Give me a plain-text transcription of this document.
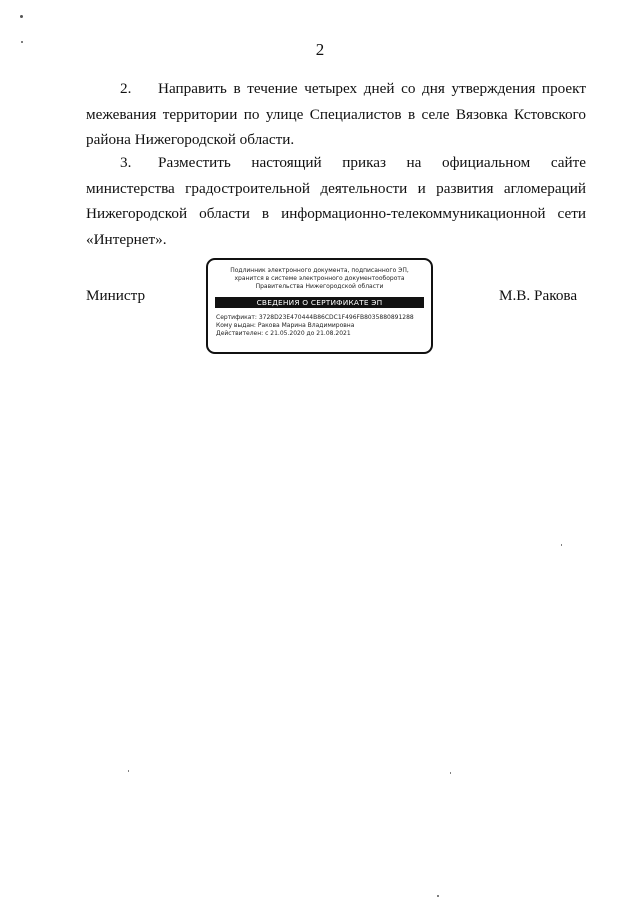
2

2. Направить в течение четырех дней со дня утверждения проект межевания территории по улице Специалистов в селе Вязовка Кстовского района Нижегородской области.

3. Разместить настоящий приказ на официальном сайте министерства градостроительной деятельности и развития агломераций Нижегородской области в информационно-телекоммуникационной сети «Интернет».

Министр
Подлинник электронного документа, подписанного ЭП,
хранится в системе электронного документооборота
Правительства Нижегородской области
СВЕДЕНИЯ О СЕРТИФИКАТЕ ЭП
Сертификат: 3728D23E470444B86CDC1F496FB8035880891288
Кому выдан: Ракова Марина Владимировна
Действителен: с 21.05.2020 до 21.08.2021
М.В. Ракова
